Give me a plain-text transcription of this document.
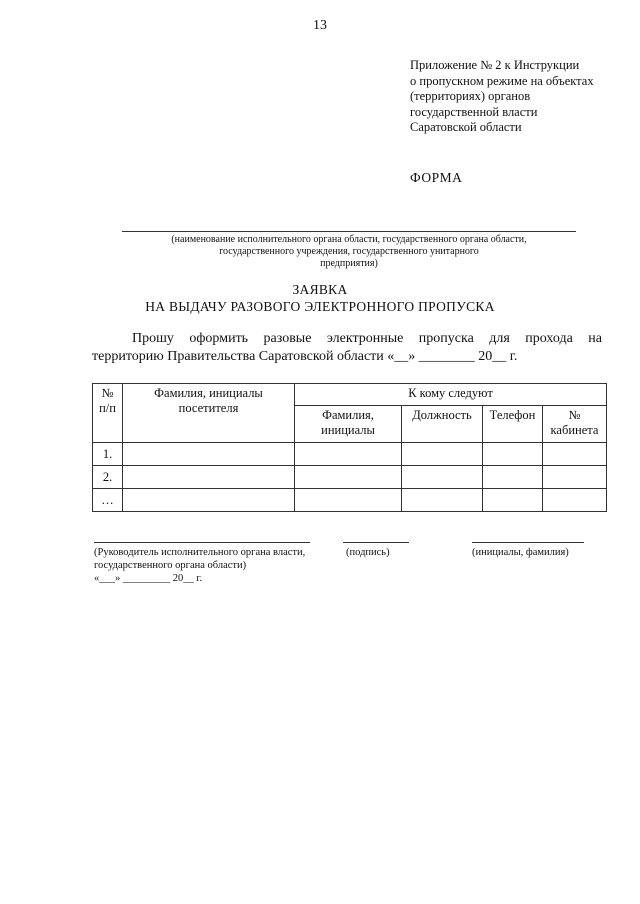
13
Приложение № 2 к Инструкции
о пропускном режиме на объектах
(территориях) органов
государственной власти
Саратовской области
ФОРМА
(наименование исполнительного органа области, государственного органа области,
государственного учреждения, государственного унитарного
предприятия)
ЗАЯВКА
НА ВЫДАЧУ РАЗОВОГО ЭЛЕКТРОННОГО ПРОПУСКА
Прошу оформить разовые электронные пропуска для прохода на
территорию Правительства Саратовской области «__» ________ 20__ г.
№ п/п	Фамилия, инициалы посетителя	К кому следуют			
		Фамилия, инициалы	Должность	Телефон	№ кабинета
1.					
2.					
…					
(Руководитель исполнительного органа власти,
государственного органа области)
«___» _________ 20__ г.
(подпись)	(инициалы, фамилия)
